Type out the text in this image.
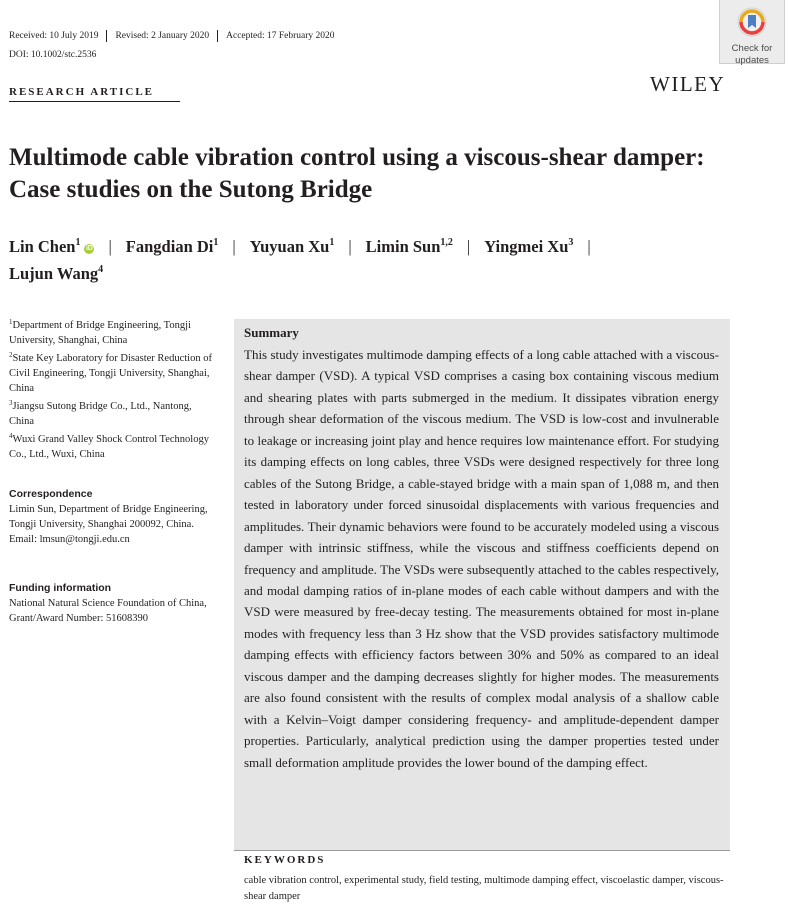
Received: 10 July 2019 Revised: 2 January 2020 Accepted: 17 February 2020
DOI: 10.1002/stc.2536
Check for
updates
RESEARCH ARTICLE	WILEY
Multimode cable vibration control using a viscous-shear damper: Case studies on the Sutong Bridge
Lin Chen$^1$iD | Fangdian Di$^1$ | Yuyuan Xu$^1$ | Limin Sun$^{1,2}$ | Yingmei Xu$^3$ |
Lujun Wang$^4$
$^1$Department of Bridge Engineering, Tongji University, Shanghai, China
$^2$State Key Laboratory for Disaster Reduction of Civil Engineering, Tongji University, Shanghai, China
$^3$Jiangsu Sutong Bridge Co., Ltd., Nantong, China
$^4$Wuxi Grand Valley Shock Control Technology Co., Ltd., Wuxi, China
Correspondence
Limin Sun, Department of Bridge Engineering, Tongji University, Shanghai 200092, China.
Email: lmsun@tongji.edu.cn
Funding information
National Natural Science Foundation of China, Grant/Award Number: 51608390
Summary
This study investigates multimode damping effects of a long cable attached with a viscous-shear damper (VSD). A typical VSD comprises a casing box containing viscous medium and shearing plates with parts submerged in the medium. It dissipates vibration energy through shear deformation of the viscous medium. The VSD is low-cost and invulnerable to leakage or increasing joint play and hence requires low maintenance effort. For studying its damping effects on long cables, three VSDs were designed respectively for three long cables of the Sutong Bridge, a cable-stayed bridge with a main span of 1,088 m, and then tested in laboratory under forced sinusoidal displacements with various frequencies and amplitudes. Their dynamic behaviors were found to be accurately modeled using a viscous damper with intrinsic stiffness, while the viscous and stiffness coefficients depend on frequency and amplitude. The VSDs were subsequently attached to the cables respectively, and modal damping ratios of in-plane modes of each cable without dampers and with the VSD were measured by free-decay testing. The measurements obtained for most in-plane modes with frequency less than 3 Hz show that the VSD provides satisfactory multimode damping effects with efficiency factors between 30% and 50% as compared to an ideal viscous damper and the damping decreases slightly for higher modes. The measurements are also found consistent with the results of complex modal analysis of a shallow cable with a Kelvin–Voigt damper considering frequency- and amplitude-dependent damper properties. Particularly, analytical prediction using the damper properties tested under small deformation amplitude provides the lower bound of the damping effect.
KEYWORDS
cable vibration control, experimental study, field testing, multimode damping effect, viscoelastic damper, viscous-shear damper
